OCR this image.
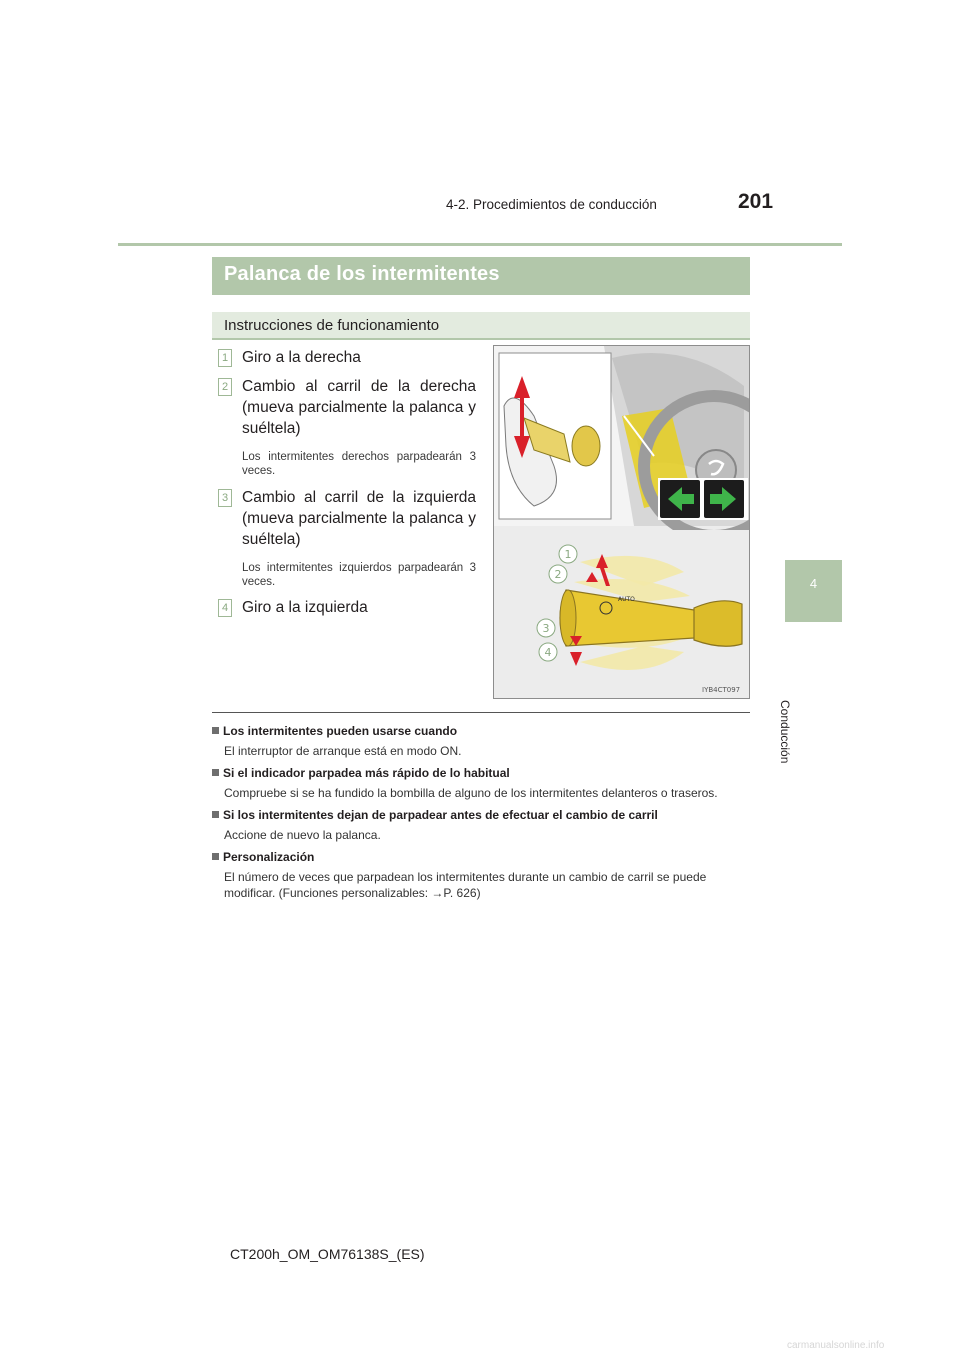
4-2. Procedimientos de conducción	201
4
Conducción
Palanca de los intermitentes
Instrucciones de funcionamiento
1 Giro a la derecha
2 Cambio al carril de la derecha (mueva parcialmente la palanca y suéltela)
Los intermitentes derechos parpadearán 3 veces.
3 Cambio al carril de la izquierda (mueva parcialmente la palanca y suéltela)
Los intermitentes izquierdos parpadearán 3 veces.
4 Giro a la izquierda	AUTO
1
2
3
4
IYB4CT097
Los intermitentes pueden usarse cuando
El interruptor de arranque está en modo ON.
Si el indicador parpadea más rápido de lo habitual
Compruebe si se ha fundido la bombilla de alguno de los intermitentes delanteros o traseros.
Si los intermitentes dejan de parpadear antes de efectuar el cambio de carril
Accione de nuevo la palanca.
Personalización
El número de veces que parpadean los intermitentes durante un cambio de carril se puede modificar. (Funciones personalizables: →P. 626)
CT200h_OM_OM76138S_(ES)
carmanualsonline.info
